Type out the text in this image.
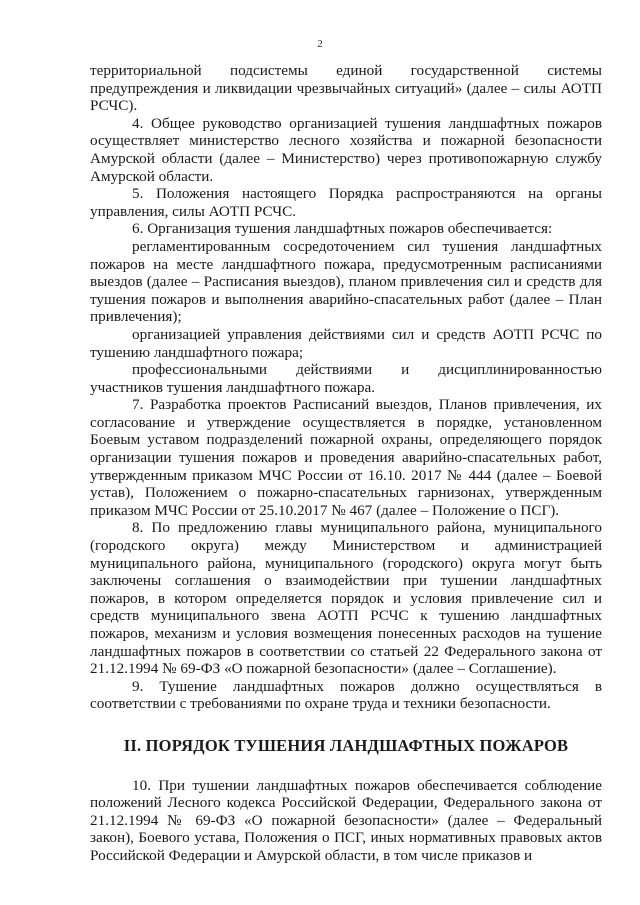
2

территориальной подсистемы единой государственной системы предупреждения и ликвидации чрезвычайных ситуаций» (далее – силы АОТП РСЧС).

4. Общее руководство организацией тушения ландшафтных пожаров осуществляет министерство лесного хозяйства и пожарной безопасности Амурской области (далее – Министерство) через противопожарную службу Амурской области.

5. Положения настоящего Порядка распространяются на органы управления, силы АОТП РСЧС.

6. Организация тушения ландшафтных пожаров обеспечивается:

регламентированным сосредоточением сил тушения ландшафтных пожаров на месте ландшафтного пожара, предусмотренным расписаниями выездов (далее – Расписания выездов), планом привлечения сил и средств для тушения пожаров и выполнения аварийно-спасательных работ (далее – План привлечения);

организацией управления действиями сил и средств АОТП РСЧС по тушению ландшафтного пожара;

профессиональными действиями и дисциплинированностью участников тушения ландшафтного пожара.

7. Разработка проектов Расписаний выездов, Планов привлечения, их согласование и утверждение осуществляется в порядке, установленном Боевым уставом подразделений пожарной охраны, определяющего порядок организации тушения пожаров и проведения аварийно-спасательных работ, утвержденным приказом МЧС России от 16.10. 2017 № 444 (далее – Боевой устав), Положением о пожарно-спасательных гарнизонах, утвержденным приказом МЧС России от 25.10.2017 № 467 (далее – Положение о ПСГ).

8. По предложению главы муниципального района, муниципального (городского округа) между Министерством и администрацией муниципального района, муниципального (городского) округа могут быть заключены соглашения о взаимодействии при тушении ландшафтных пожаров, в котором определяется порядок и условия привлечение сил и средств муниципального звена АОТП РСЧС к тушению ландшафтных пожаров, механизм и условия возмещения понесенных расходов на тушение ландшафтных пожаров в соответствии со статьей 22 Федерального закона от 21.12.1994 № 69-ФЗ «О пожарной безопасности» (далее – Соглашение).

9. Тушение ландшафтных пожаров должно осуществляться в соответствии с требованиями по охране труда и техники безопасности.

II. ПОРЯДОК ТУШЕНИЯ ЛАНДШАФТНЫХ ПОЖАРОВ

10. При тушении ландшафтных пожаров обеспечивается соблюдение положений Лесного кодекса Российской Федерации, Федерального закона от 21.12.1994 № 69-ФЗ «О пожарной безопасности» (далее – Федеральный закон), Боевого устава, Положения о ПСГ, иных нормативных правовых актов Российской Федерации и Амурской области, в том числе приказов и
